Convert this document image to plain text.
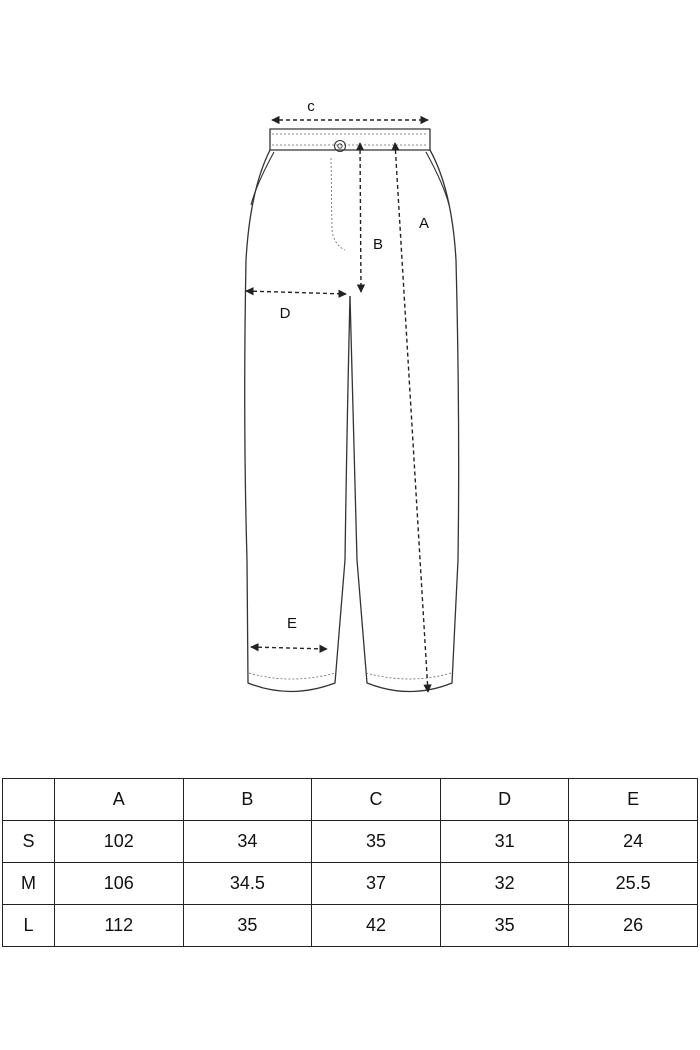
c
B
A
D
E
	A	B	C	D	E
S	102	34	35	31	24
M	106	34.5	37	32	25.5
L	112	35	42	35	26
